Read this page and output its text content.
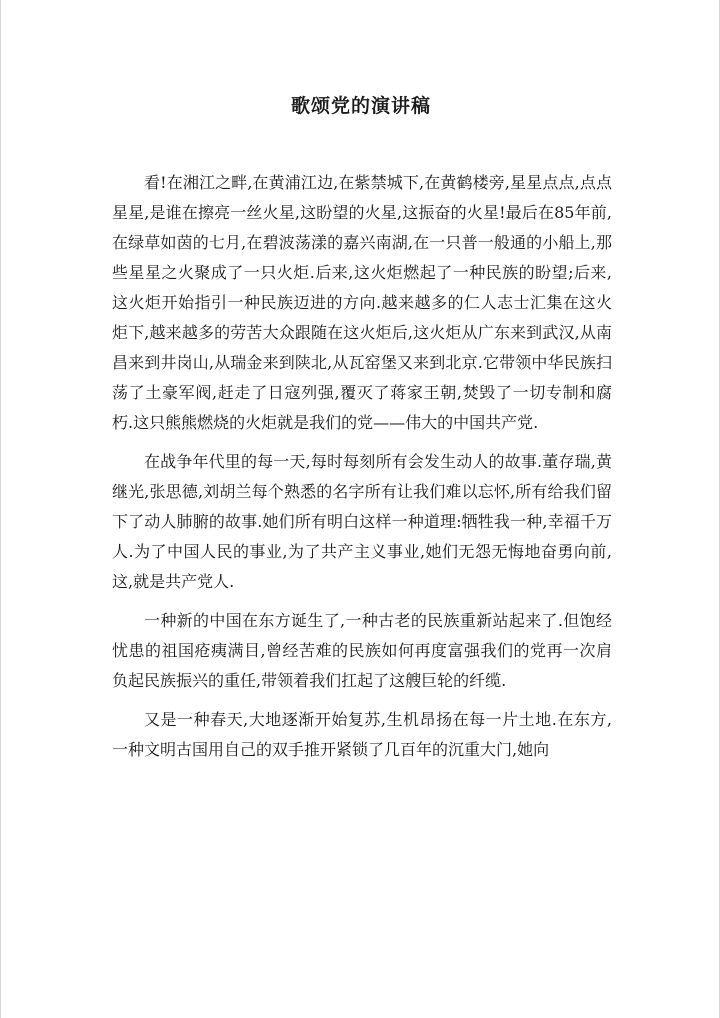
歌颂党的演讲稿

看!在湘江之畔,在黄浦江边,在紫禁城下,在黄鹤楼旁,星星点点,点点星星,是谁在擦亮一丝火星,这盼望的火星,这振奋的火星!最后在85年前,在绿草如茵的七月,在碧波荡漾的嘉兴南湖,在一只普一般通的小船上,那些星星之火聚成了一只火炬.后来,这火炬燃起了一种民族的盼望;后来,这火炬开始指引一种民族迈进的方向.越来越多的仁人志士汇集在这火炬下,越来越多的劳苦大众跟随在这火炬后,这火炬从广东来到武汉,从南昌来到井岗山,从瑞金来到陕北,从瓦窑堡又来到北京.它带领中华民族扫荡了土豪军阀,赶走了日寇列强,覆灭了蒋家王朝,焚毁了一切专制和腐朽.这只熊熊燃烧的火炬就是我们的党——伟大的中国共产党.

在战争年代里的每一天,每时每刻所有会发生动人的故事.董存瑞,黄继光,张思德,刘胡兰每个熟悉的名字所有让我们难以忘怀,所有给我们留下了动人肺腑的故事.她们所有明白这样一种道理:牺牲我一种,幸福千万人.为了中国人民的事业,为了共产主义事业,她们无怨无悔地奋勇向前,这,就是共产党人.

一种新的中国在东方诞生了,一种古老的民族重新站起来了.但饱经忧患的祖国疮痍满目,曾经苦难的民族如何再度富强我们的党再一次肩负起民族振兴的重任,带领着我们扛起了这艘巨轮的纤缆.

又是一种春天,大地逐渐开始复苏,生机昂扬在每一片土地.在东方,一种文明古国用自己的双手推开紧锁了几百年的沉重大门,她向
